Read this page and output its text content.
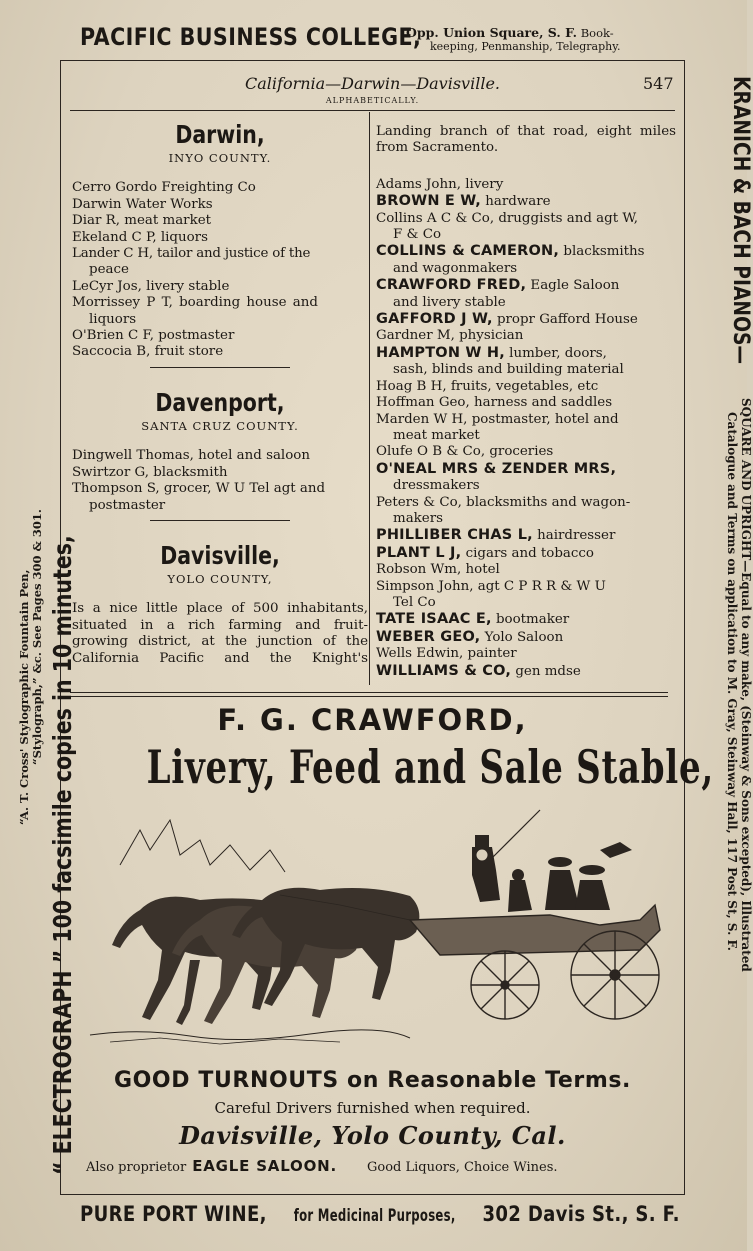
PACIFIC BUSINESS COLLEGE,
Opp. Union Square, S. F. Book-
keeping, Penmanship, Telegraphy.
California—Darwin—Davisville.	547
ALPHABETICALLY.
Darwin,
INYO COUNTY.
Cerro Gordo Freighting Co
Darwin Water Works
Diar R, meat market
Ekeland C P, liquors
Lander C H, tailor and justice of the
peace
LeCyr Jos, livery stable
Morrissey P T, boarding house and
liquors
O'Brien C F, postmaster
Saccocia B, fruit store
Davenport,
SANTA CRUZ COUNTY.
Dingwell Thomas, hotel and saloon
Swirtzor G, blacksmith
Thompson S, grocer, W U Tel agt and
postmaster
Davisville,
YOLO COUNTY,
Is a nice little place of 500 inhabitants, situated in a rich farming and fruit-growing district, at the junction of the California Pacific and the Knight's
Landing branch of that road, eight miles from Sacramento.
Adams John, livery
BROWN E W, hardware
Collins A C & Co, druggists and agt W,
F & Co
COLLINS & CAMERON, blacksmiths
and wagonmakers
CRAWFORD FRED, Eagle Saloon
and livery stable
GAFFORD J W, propr Gafford House
Gardner M, physician
HAMPTON W H, lumber, doors,
sash, blinds and building material
Hoag B H, fruits, vegetables, etc
Hoffman Geo, harness and saddles
Marden W H, postmaster, hotel and
meat market
Olufe O B & Co, groceries
O'NEAL MRS & ZENDER MRS,
dressmakers
Peters & Co, blacksmiths and wagon-
makers
PHILLIBER CHAS L, hairdresser
PLANT L J, cigars and tobacco
Robson Wm, hotel
Simpson John, agt C P R R & W U
Tel Co
TATE ISAAC E, bootmaker
WEBER GEO, Yolo Saloon
Wells Edwin, painter
WILLIAMS & CO, gen mdse
F. G. CRAWFORD,
Livery, Feed and Sale Stable,
GOOD TURNOUTS on Reasonable Terms.
Careful Drivers furnished when required.
Davisville, Yolo County, Cal.
Also proprietor EAGLE SALOON. Good Liquors, Choice Wines.
PURE PORT WINE, for Medicinal Purposes, 302 Davis St., S. F.
“ ELECTROGRAPH ” 100 facsimile copies in 10 minutes,
“A. T. Cross' Stylographic Fountain Pen, “Stylograph,” &c. See Pages 300 & 301.
KRANICH & BACH PIANOS—
SQUARE AND UPRIGHT—Equal to any make, (Steinway & Sons excepted), Illustrated
Catalogue and Terms on application to M. Gray, Steinway Hall, 117 Post St, S. F.
